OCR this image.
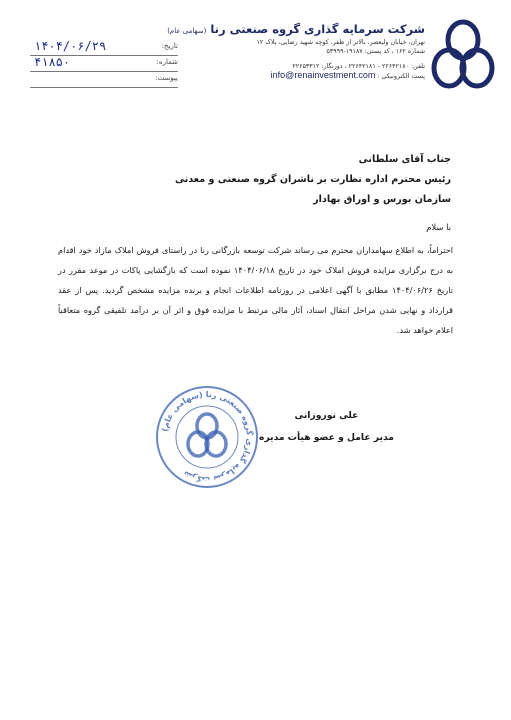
شرکت سرمایه گذاری گروه صنعتی رنا (سهامی عام)
تهران، خیابان ولیعصر، بالاتر از ظفر، کوچه شهید رضایی، پلاک ۱۲
شماره ۱۶۲ ، کد پستی: ۱۹۱۸۷-۵۳۹۹۹
تلفن: ۲۲۶۴۲۱۸۰ - ۲۲۶۴۲۱۸۱ ، دورنگار: ۲۲۶۵۳۳۱۲
پست الکترونیکی : info@renainvestment.com
تاریخ:
۱۴۰۴/۰۶/۲۹
شماره:
۴۱۸۵۰
پیوست:
جناب آقای سلطانی
رئیس محترم اداره نظارت بر ناشران گروه صنعتی و معدنی
سازمان بورس و اوراق بهادار
با سلام

احتراماً، به اطلاع سهامداران محترم می رساند شرکت توسعه بازرگانی رنا در راستای فروش املاک مازاد خود اقدام به درج برگزاری مزایده فروش املاک خود در تاریخ ۱۴۰۴/۰۶/۱۸ نموده است که بازگشایی پاکات در موعد مقرر در تاریخ ۱۴۰۴/۰۶/۲۶ مطابق با آگهی اعلامی در روزنامه اطلاعات انجام و برنده مزایده مشخص گردید. پس از عقد قرارداد و نهایی شدن مراحل انتقال اسناد، آثار مالی مرتبط با مزایده فوق و اثر آن بر درآمد تلفیقی گروه متعاقباً اعلام خواهد شد.

شرکت سرمایه گذاری گروه صنعتی رنا (سهامی عام)
علی نوروزانی
مدیر عامل و عضو هیأت مدیره
